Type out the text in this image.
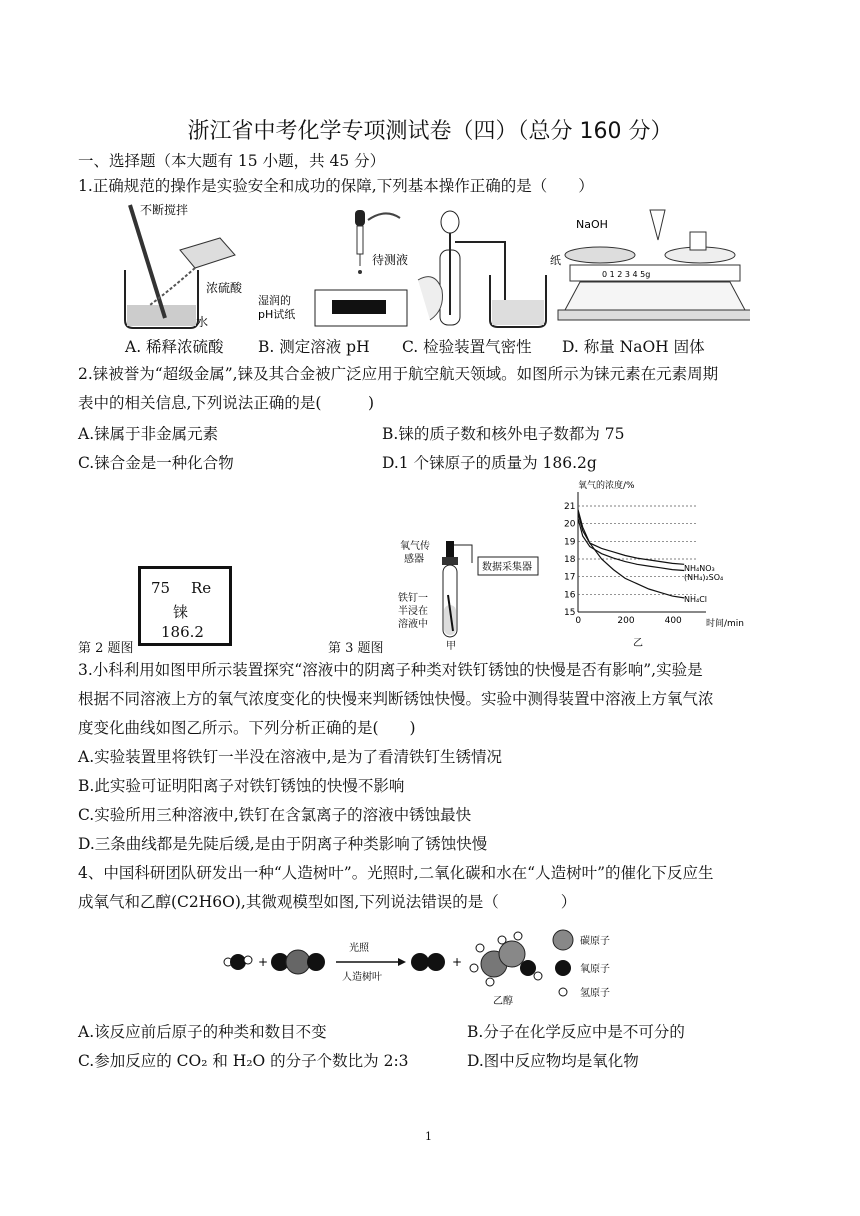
浙江省中考化学专项测试卷（四）（总分 160 分）
一、选择题（本大题有 15 小题，共 45 分）
1.正确规范的操作是实验安全和成功的保障,下列基本操作正确的是（　　）
不断搅拌
浓硫酸
水
待测液
湿润的
pH试纸
NaOH
纸
0 1 2 3 4 5g
A. 稀释浓硫酸 B. 测定溶液 pH C. 检验装置气密性 D. 称量 NaOH 固体
2.铼被誉为“超级金属”,铼及其合金被广泛应用于航空航天领域。如图所示为铼元素在元素周期
表中的相关信息,下列说法正确的是(　　　)
A.铼属于非金属元素	B.铼的质子数和核外电子数都为 75
C.铼合金是一种化合物	D.1 个铼原子的质量为 186.2g
75 Re
铼
186.2
第 2 题图	第 3 题图
氧气传
感器
数据采集器
铁钉一
半浸在
溶液中
甲
氧气的浓度/%
时间/min
乙
15
16
17
18
19
20
21
0	200	400
NH₄NO₃
(NH₄)₂SO₄
NH₄Cl
3.小科利用如图甲所示装置探究“溶液中的阴离子种类对铁钉锈蚀的快慢是否有影响”,实验是
根据不同溶液上方的氧气浓度变化的快慢来判断锈蚀快慢。实验中测得装置中溶液上方氧气浓
度变化曲线如图乙所示。下列分析正确的是(　　)
A.实验装置里将铁钉一半没在溶液中,是为了看清铁钉生锈情况
B.此实验可证明阳离子对铁钉锈蚀的快慢不影响
C.实验所用三种溶液中,铁钉在含氯离子的溶液中锈蚀最快
D.三条曲线都是先陡后缓,是由于阴离子种类影响了锈蚀快慢
4、中国科研团队研发出一种“人造树叶”。光照时,二氧化碳和水在“人造树叶”的催化下反应生
成氧气和乙醇(C2H6O),其微观模型如图,下列说法错误的是（　　　　）
+
光照
人造树叶
+
乙醇
碳原子
氧原子
氢原子
A.该反应前后原子的种类和数目不变	B.分子在化学反应中是不可分的
C.参加反应的 CO₂ 和 H₂O 的分子个数比为 2:3	D.图中反应物均是氧化物
1
